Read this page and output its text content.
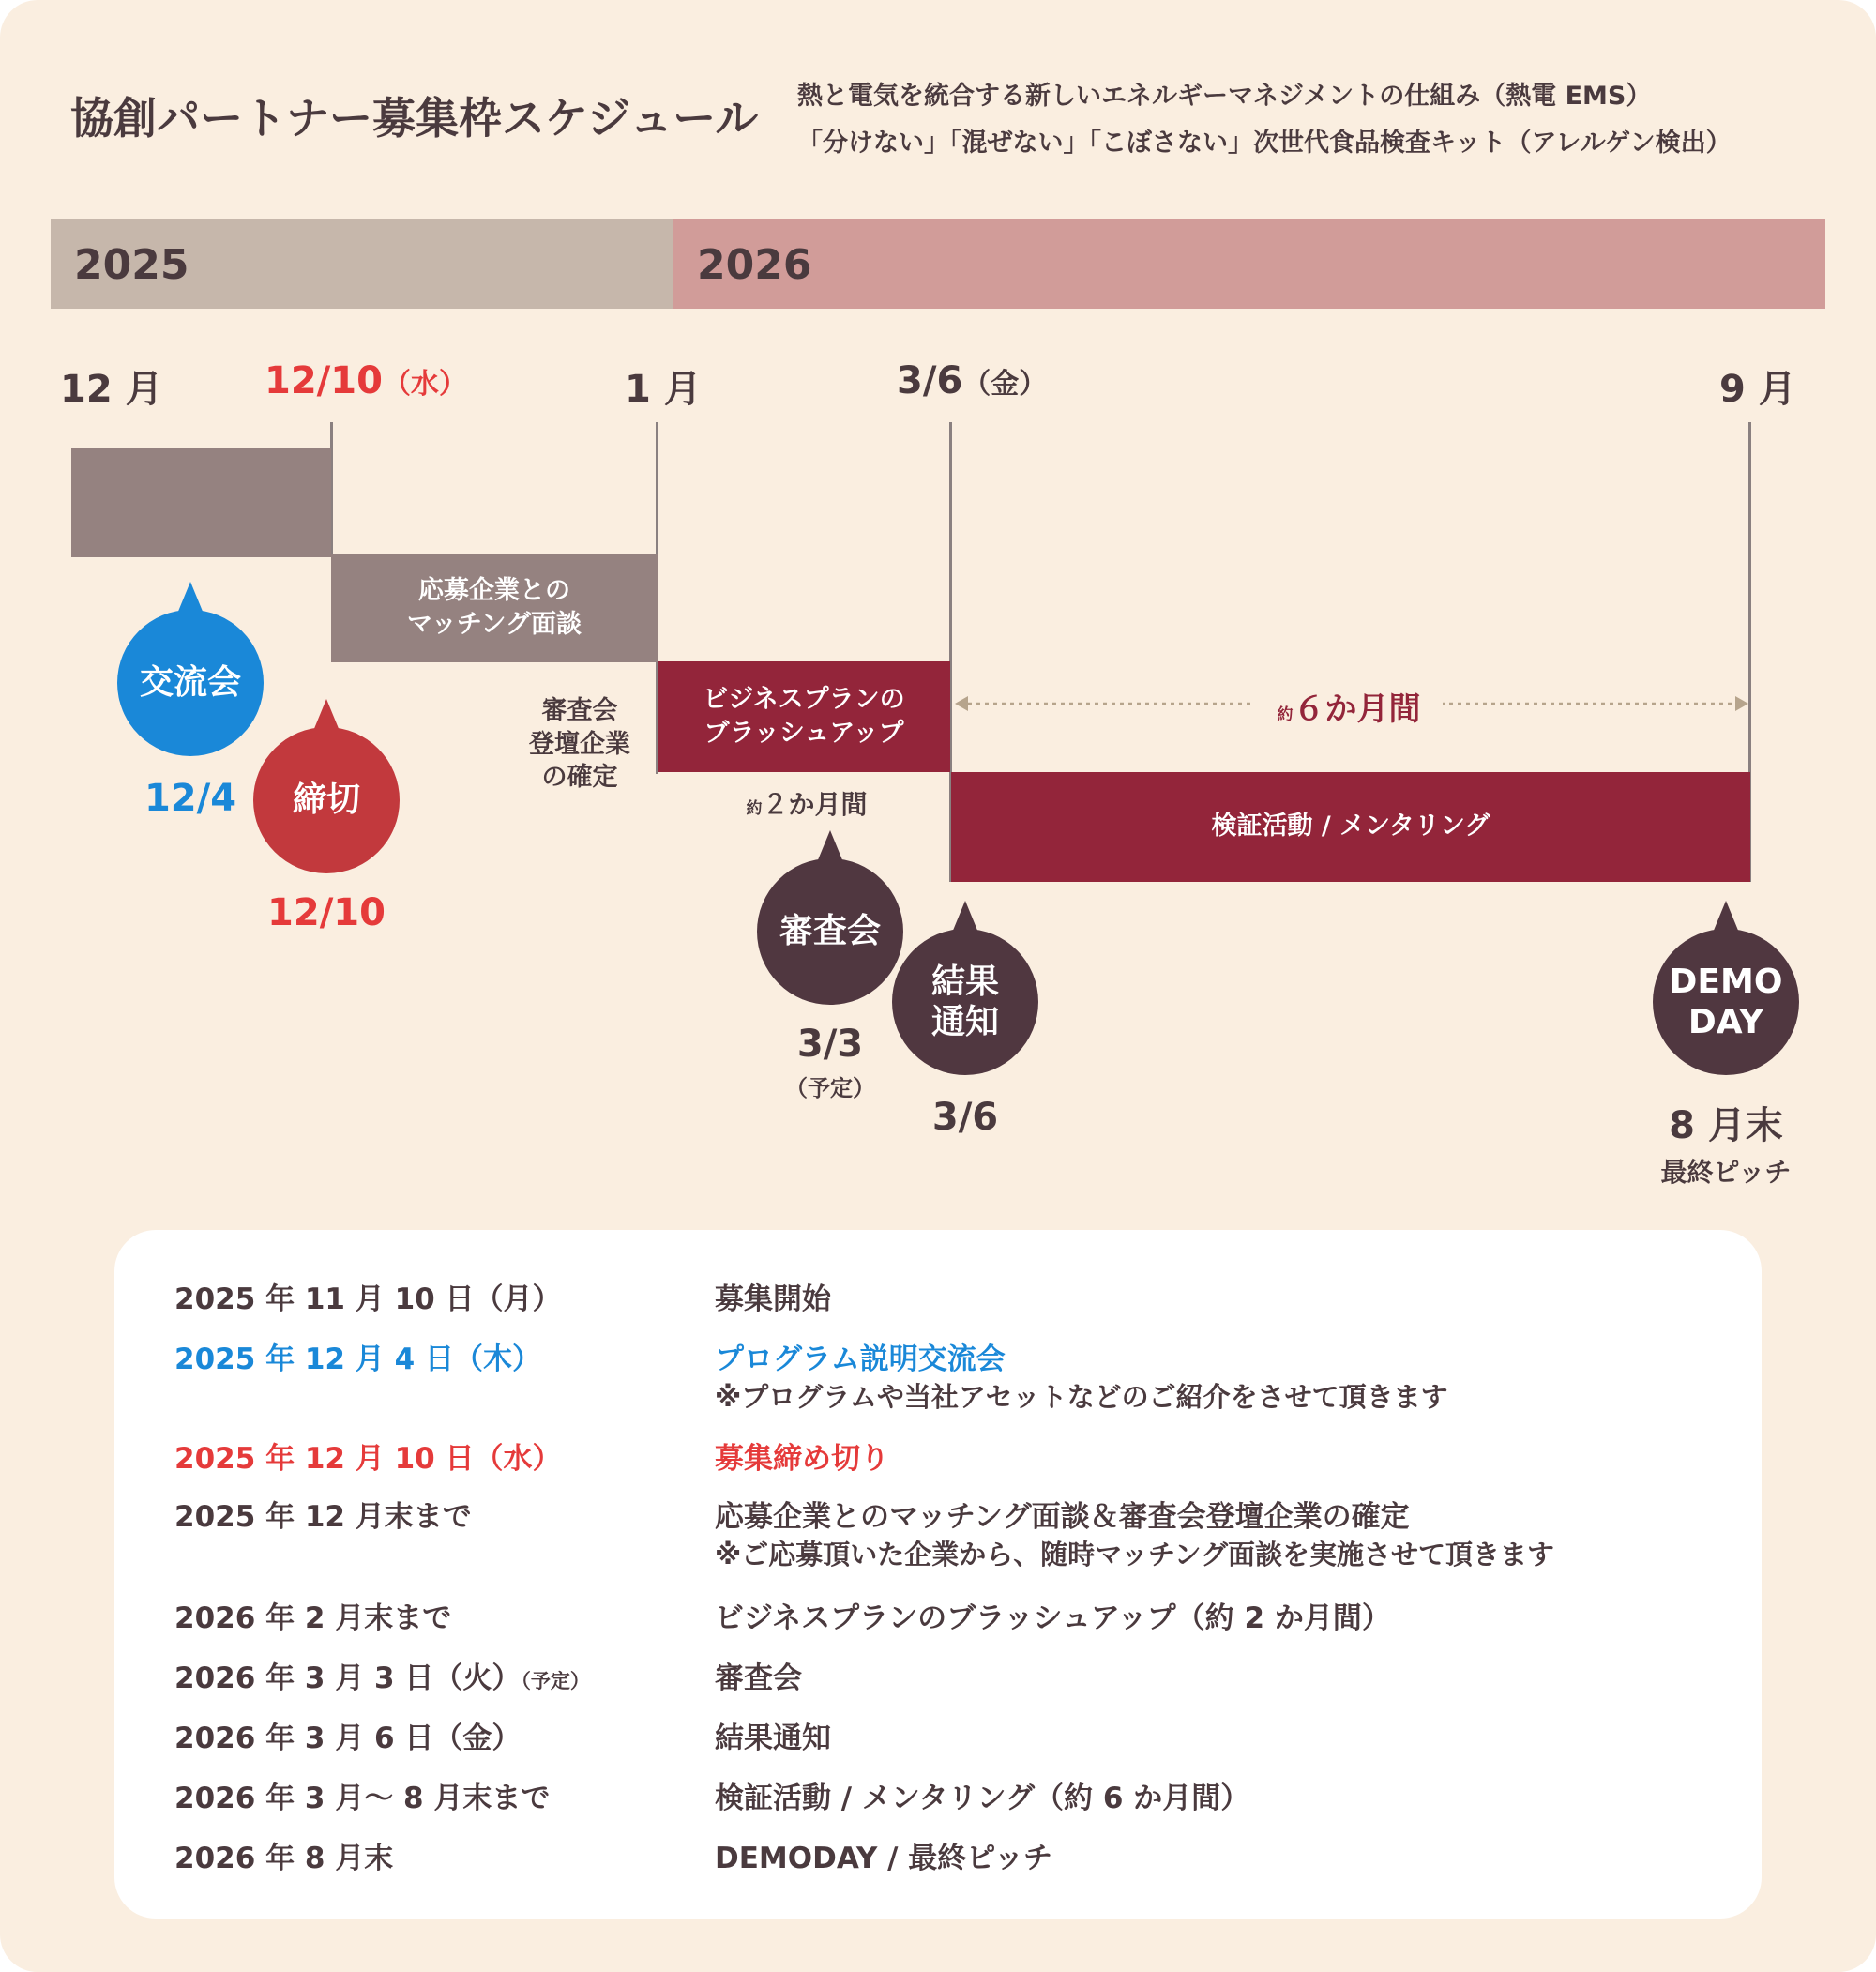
協創パートナー募集枠スケジュール 熱と電気を統合する新しいエネルギーマネジメントの仕組み（熱電 EMS）
「分けない」「混ぜない」「こぼさない」次世代食品検査キット（アレルゲン検出）
2025	2026
12 月	12/10（水）	1 月	3/6（金）	9 月
応募企業との
マッチング面談
ビジネスプランの
ブラッシュアップ
検証活動 / メンタリング
審査会
登壇企業
の確定
約２か月間
約６か月間
交流会
12/4	締切
12/10	審査会
3/3
（予定）
結果
通知
3/6
DEMO
DAY
8 月末
最終ピッチ
2025 年 11 月 10 日（月）	募集開始
2025 年 12 月 4 日（木）	プログラム説明交流会
※プログラムや当社アセットなどのご紹介をさせて頂きます
2025 年 12 月 10 日（水）	募集締め切り
2025 年 12 月末まで	応募企業とのマッチング面談＆審査会登壇企業の確定
※ご応募頂いた企業から、随時マッチング面談を実施させて頂きます
2026 年 2 月末まで	ビジネスプランのブラッシュアップ（約 2 か月間）
2026 年 3 月 3 日（火）（予定）	審査会
2026 年 3 月 6 日（金）	結果通知
2026 年 3 月〜 8 月末まで	検証活動 / メンタリング（約 6 か月間）
2026 年 8 月末	DEMODAY / 最終ピッチ
